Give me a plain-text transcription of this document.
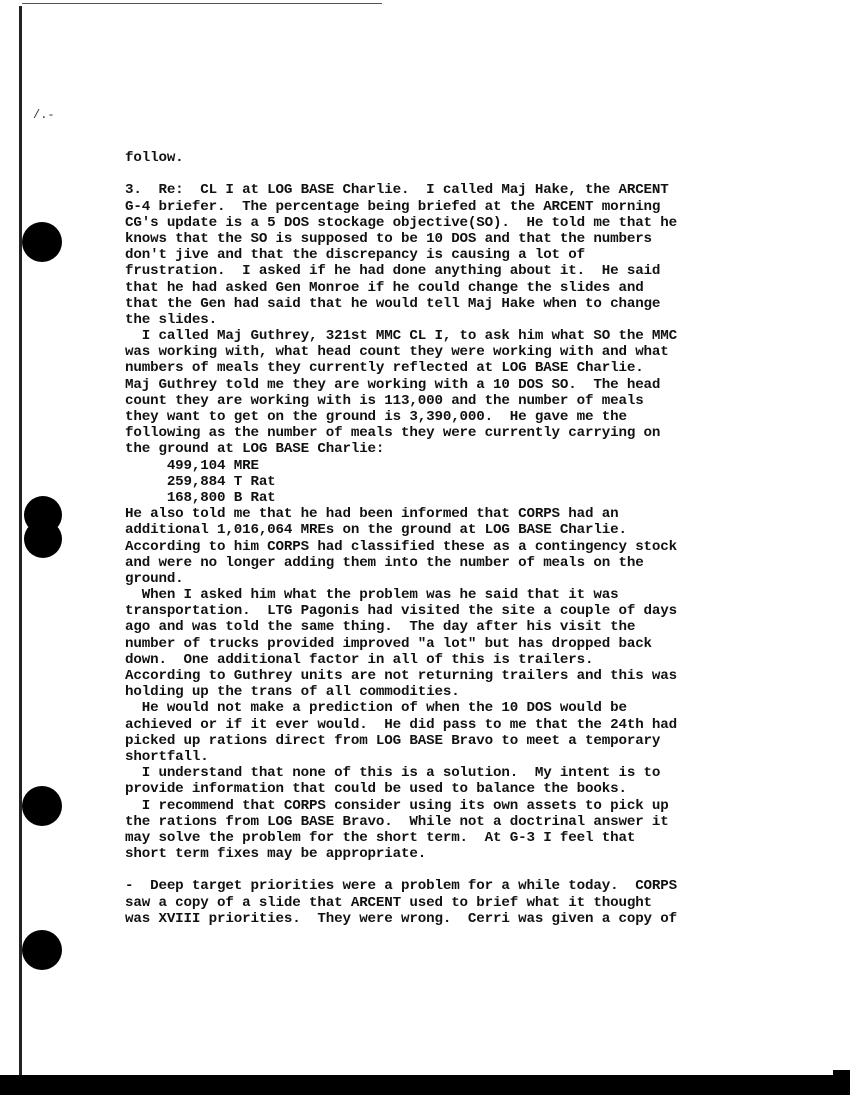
/.-
follow.
3.  Re:  CL I at LOG BASE Charlie.  I called Maj Hake, the ARCENT
G-4 briefer.  The percentage being briefed at the ARCENT morning
CG's update is a 5 DOS stockage objective(SO).  He told me that he
knows that the SO is supposed to be 10 DOS and that the numbers
don't jive and that the discrepancy is causing a lot of
frustration.  I asked if he had done anything about it.  He said
that he had asked Gen Monroe if he could change the slides and
that the Gen had said that he would tell Maj Hake when to change
the slides.
I called Maj Guthrey, 321st MMC CL I, to ask him what SO the MMC
was working with, what head count they were working with and what
numbers of meals they currently reflected at LOG BASE Charlie.
Maj Guthrey told me they are working with a 10 DOS SO.  The head
count they are working with is 113,000 and the number of meals
they want to get on the ground is 3,390,000.  He gave me the
following as the number of meals they were currently carrying on
the ground at LOG BASE Charlie:
499,104 MRE
259,884 T Rat
168,800 B Rat
He also told me that he had been informed that CORPS had an
additional 1,016,064 MREs on the ground at LOG BASE Charlie.
According to him CORPS had classified these as a contingency stock
and were no longer adding them into the number of meals on the
ground.
When I asked him what the problem was he said that it was
transportation.  LTG Pagonis had visited the site a couple of days
ago and was told the same thing.  The day after his visit the
number of trucks provided improved "a lot" but has dropped back
down.  One additional factor in all of this is trailers.
According to Guthrey units are not returning trailers and this was
holding up the trans of all commodities.
He would not make a prediction of when the 10 DOS would be
achieved or if it ever would.  He did pass to me that the 24th had
picked up rations direct from LOG BASE Bravo to meet a temporary
shortfall.
I understand that none of this is a solution.  My intent is to
provide information that could be used to balance the books.
I recommend that CORPS consider using its own assets to pick up
the rations from LOG BASE Bravo.  While not a doctrinal answer it
may solve the problem for the short term.  At G-3 I feel that
short term fixes may be appropriate.
-  Deep target priorities were a problem for a while today.  CORPS
saw a copy of a slide that ARCENT used to brief what it thought
was XVIII priorities.  They were wrong.  Cerri was given a copy of
